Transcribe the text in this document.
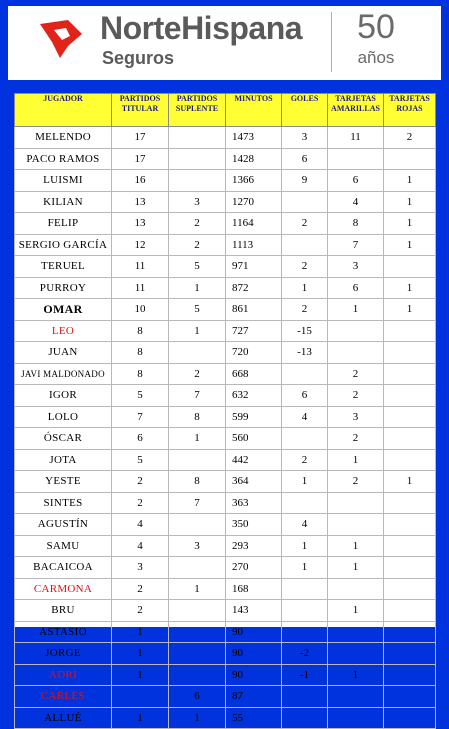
NorteHispana
Seguros
50
años
JUGADOR	PARTIDOS TITULAR	PARTIDOS SUPLENTE	MINUTOS	GOLES	TARJETAS AMARILLAS	TARJETAS ROJAS
MELENDO	17		1473	3	11	2
PACO RAMOS	17		1428	6		
LUISMI	16		1366	9	6	1
KILIAN	13	3	1270		4	1
FELIP	13	2	1164	2	8	1
SERGIO GARCÍA	12	2	1113		7	1
TERUEL	11	5	971	2	3	
PURROY	11	1	872	1	6	1
OMAR	10	5	861	2	1	1
LEO	8	1	727	-15		
JUAN	8		720	-13		
JAVI MALDONADO	8	2	668		2	
IGOR	5	7	632	6	2	
LOLO	7	8	599	4	3	
ÓSCAR	6	1	560		2	
JOTA	5		442	2	1	
YESTE	2	8	364	1	2	1
SINTES	2	7	363			
AGUSTÍN	4		350	4		
SAMU	4	3	293	1	1	
BACAICOA	3		270	1	1	
CARMONA	2	1	168			
BRU	2		143		1	
ASTASIO	1		90			
JORGE	1		90	-2		
ADRI	1		90	-1	1	
CARLES		6	87			
ALLUÉ	1	1	55			
